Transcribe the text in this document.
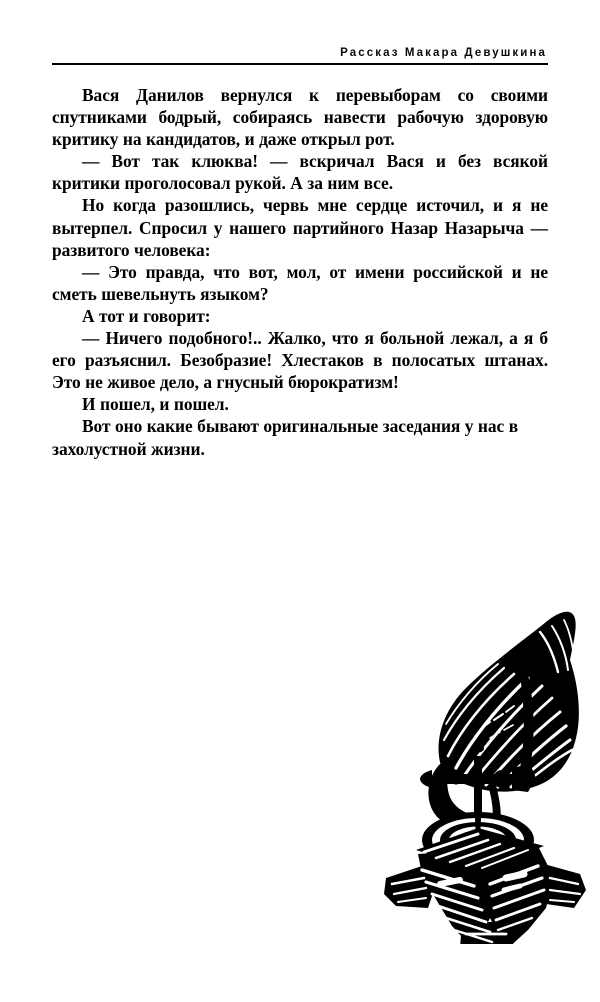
Рассказ Макара Девушкина

Вася Данилов вернулся к перевыборам со своими спутниками бодрый, собираясь навести рабочую здоровую критику на кандидатов, и даже открыл рот.

— Вот так клюква! — вскричал Вася и без всякой критики проголосовал рукой. А за ним все.

Но когда разошлись, червь мне сердце источил, и я не вытерпел. Спросил у нашего партийного Назар Назарыча — развитого человека:

— Это правда, что вот, мол, от имени российской и не сметь шевельнуть языком?

А тот и говорит:

— Ничего подобного!.. Жалко, что я больной лежал, а я б его разъяснил. Безобразие! Хлестаков в полосатых штанах. Это не живое дело, а гнусный бюрократизм!

И пошел, и пошел.

Вот оно какие бывают оригинальные заседания у нас в захолустной жизни.
